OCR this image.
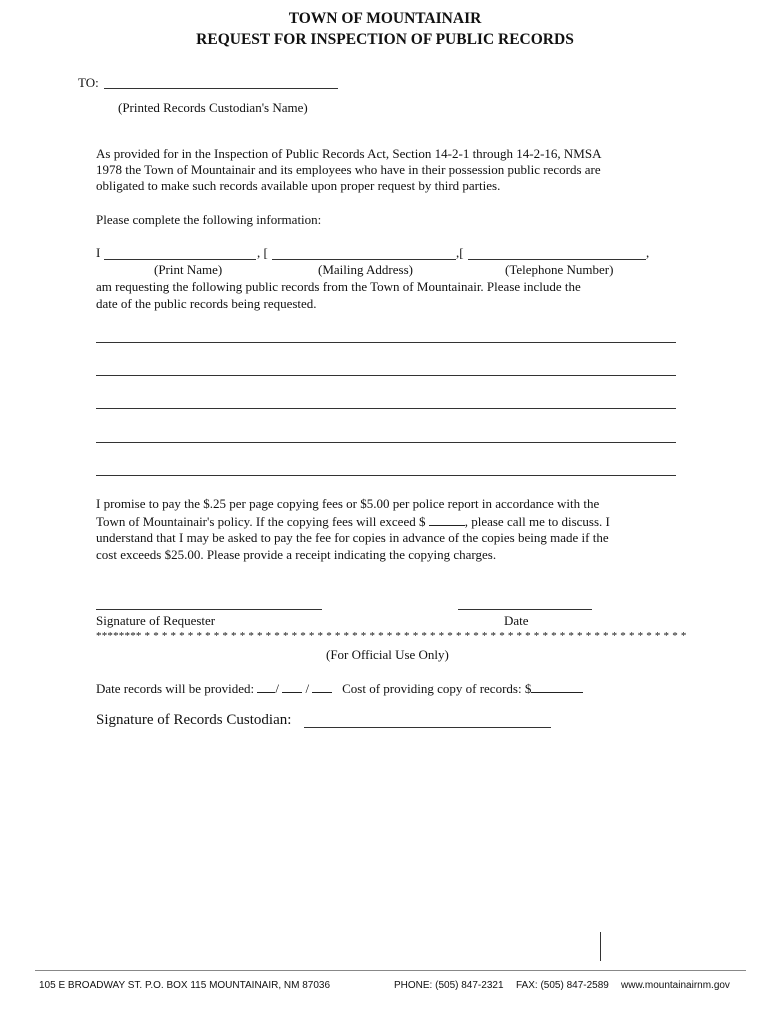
TOWN OF MOUNTAINAIR
REQUEST FOR INSPECTION OF PUBLIC RECORDS
TO:
(Printed Records Custodian's Name)
As provided for in the Inspection of Public Records Act, Section 14-2-1 through 14-2-16, NMSA
1978 the Town of Mountainair and its employees who have in their possession public records are
obligated to make such records available upon proper request by third parties.
Please complete the following information:
I	, [	,[	,
(Print Name)	(Mailing Address)	(Telephone Number)
am requesting the following public records from the Town of Mountainair. Please include the
date of the public records being requested.
I promise to pay the $.25 per page copying fees or $5.00 per police report in accordance with the
Town of Mountainair's policy. If the copying fees will exceed $	, please call me to discuss. I
understand that I may be asked to pay the fee for copies in advance of the copies being made if the
cost exceeds $25.00. Please provide a receipt indicating the copying charges.
Signature of Requester	Date
******** * * * * * * * * * * * * * * * * * * * * * * * * * * * * * * * * * * * * * * * * * * * * * * * * * * * * * * * * * * * * * * *
(For Official Use Only)
Date records will be provided: / /	Cost of providing copy of records: $
Signature of Records Custodian:
105 E BROADWAY ST. P.O. BOX 115 MOUNTAINAIR, NM 87036	PHONE: (505) 847-2321 FAX: (505) 847-2589 www.mountainairnm.gov
